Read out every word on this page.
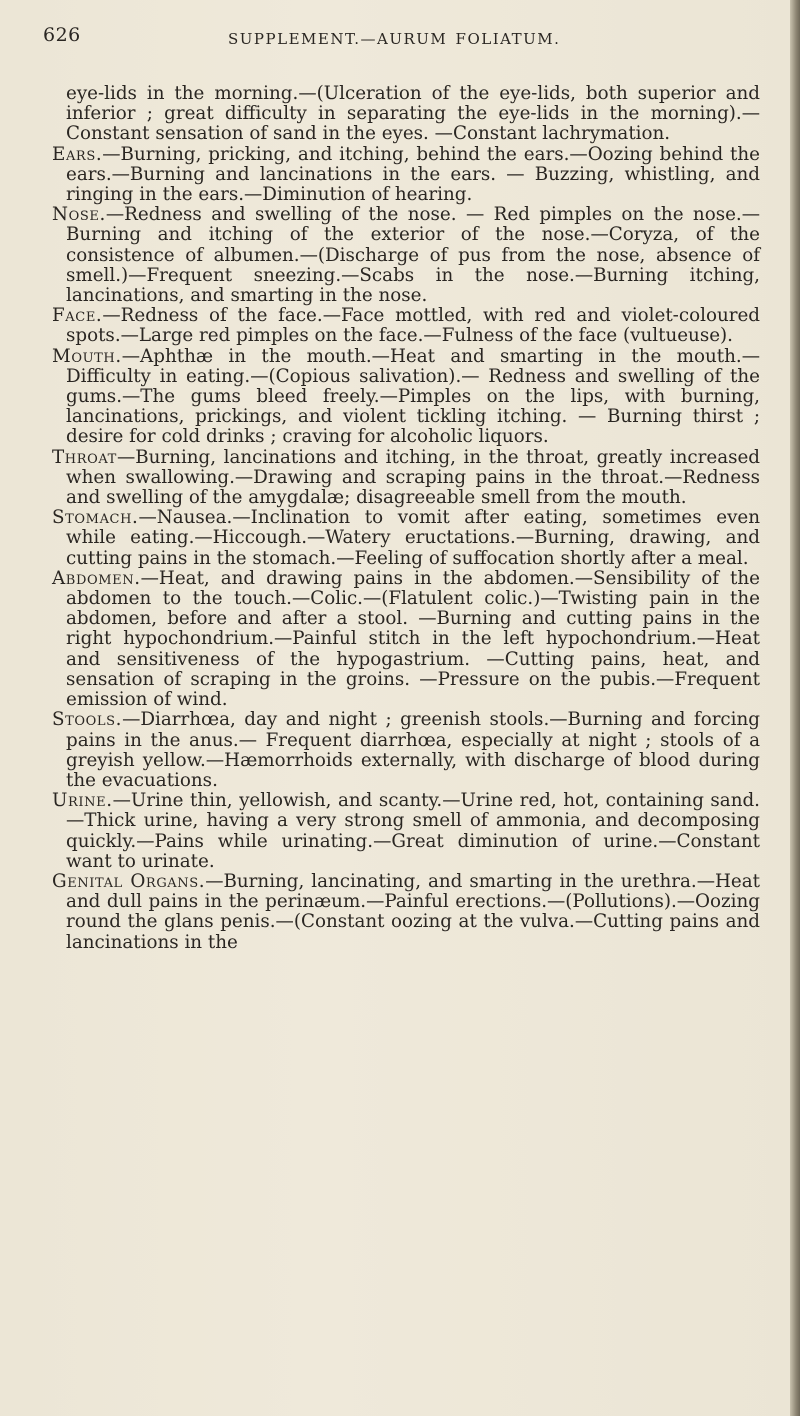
626	SUPPLEMENT.—AURUM FOLIATUM.

eye-lids in the morning.—(Ulceration of the eye-lids, both superior and inferior ; great difficulty in separating the eye-lids in the morning).—Constant sensation of sand in the eyes. —Constant lachrymation.

Ears.—Burning, pricking, and itching, behind the ears.—Oozing behind the ears.—Burning and lancinations in the ears. — Buzzing, whistling, and ringing in the ears.—Diminution of hearing.

Nose.—Redness and swelling of the nose. — Red pimples on the nose.—Burning and itching of the exterior of the nose.—Coryza, of the consistence of albumen.—(Discharge of pus from the nose, absence of smell.)—Frequent sneezing.—Scabs in the nose.—Burning itching, lancinations, and smarting in the nose.

Face.—Redness of the face.—Face mottled, with red and violet-coloured spots.—Large red pimples on the face.—Fulness of the face (vultueuse).

Mouth.—Aphthæ in the mouth.—Heat and smarting in the mouth.—Difficulty in eating.—(Copious salivation).— Redness and swelling of the gums.—The gums bleed freely.—Pimples on the lips, with burning, lancinations, prickings, and violent tickling itching. — Burning thirst ; desire for cold drinks ; craving for alcoholic liquors.

Throat—Burning, lancinations and itching, in the throat, greatly increased when swallowing.—Drawing and scraping pains in the throat.—Redness and swelling of the amygdalæ; disagreeable smell from the mouth.

Stomach.—Nausea.—Inclination to vomit after eating, sometimes even while eating.—Hiccough.—Watery eructations.—Burning, drawing, and cutting pains in the stomach.—Feeling of suffocation shortly after a meal.

Abdomen.—Heat, and drawing pains in the abdomen.—Sensibility of the abdomen to the touch.—Colic.—(Flatulent colic.)—Twisting pain in the abdomen, before and after a stool. —Burning and cutting pains in the right hypochondrium.—Painful stitch in the left hypochondrium.—Heat and sensitiveness of the hypogastrium. —Cutting pains, heat, and sensation of scraping in the groins. —Pressure on the pubis.—Frequent emission of wind.

Stools.—Diarrhœa, day and night ; greenish stools.—Burning and forcing pains in the anus.— Frequent diarrhœa, especially at night ; stools of a greyish yellow.—Hæmorrhoids externally, with discharge of blood during the evacuations.

Urine.—Urine thin, yellowish, and scanty.—Urine red, hot, containing sand.—Thick urine, having a very strong smell of ammonia, and decomposing quickly.—Pains while urinating.—Great diminution of urine.—Constant want to urinate.

Genital Organs.—Burning, lancinating, and smarting in the urethra.—Heat and dull pains in the perinæum.—Painful erections.—(Pollutions).—Oozing round the glans penis.—(Constant oozing at the vulva.—Cutting pains and lancinations in the
